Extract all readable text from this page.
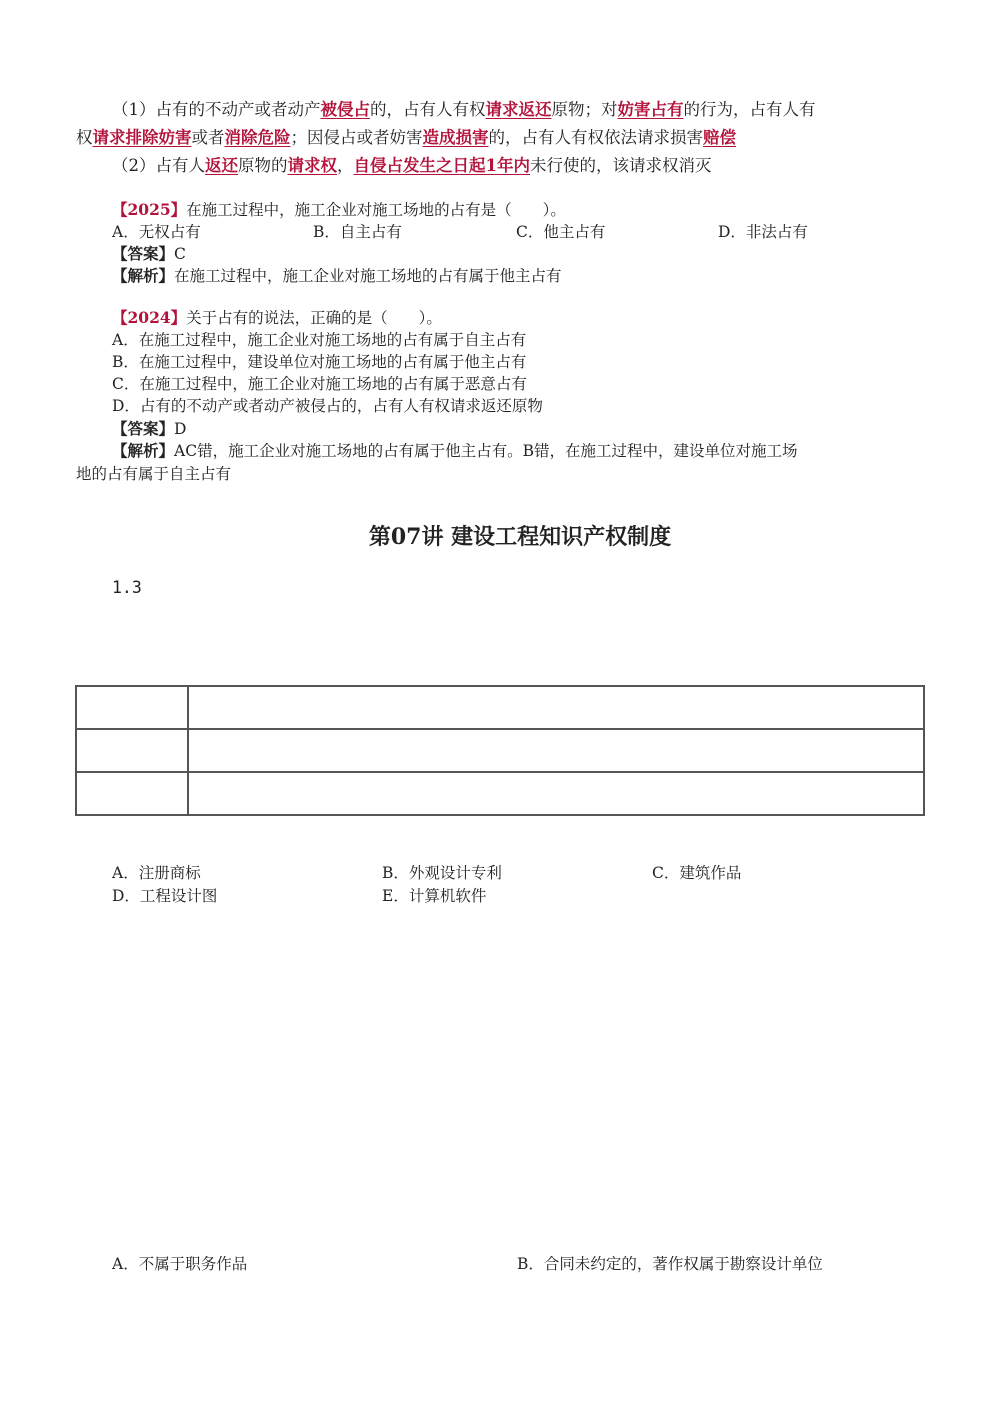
（1）占有的不动产或者动产被侵占的，占有人有权请求返还原物；对妨害占有的行为，占有人有
权请求排除妨害或者消除危险；因侵占或者妨害造成损害的，占有人有权依法请求损害赔偿
（2）占有人返还原物的请求权，自侵占发生之日起1年内未行使的，该请求权消灭
【2025】在施工过程中，施工企业对施工场地的占有是（　　）。
A．无权占有	B．自主占有	C．他主占有	D．非法占有
【答案】C
【解析】在施工过程中，施工企业对施工场地的占有属于他主占有
【2024】关于占有的说法，正确的是（　　）。
A．在施工过程中，施工企业对施工场地的占有属于自主占有
B．在施工过程中，建设单位对施工场地的占有属于他主占有
C．在施工过程中，施工企业对施工场地的占有属于恶意占有
D．占有的不动产或者动产被侵占的，占有人有权请求返还原物
【答案】D
【解析】AC错，施工企业对施工场地的占有属于他主占有。B错，在施工过程中，建设单位对施工场
地的占有属于自主占有
第07讲 建设工程知识产权制度
1.3

A．注册商标	B．外观设计专利	C．建筑作品
D．工程设计图	E．计算机软件
A．不属于职务作品	B．合同未约定的，著作权属于勘察设计单位
